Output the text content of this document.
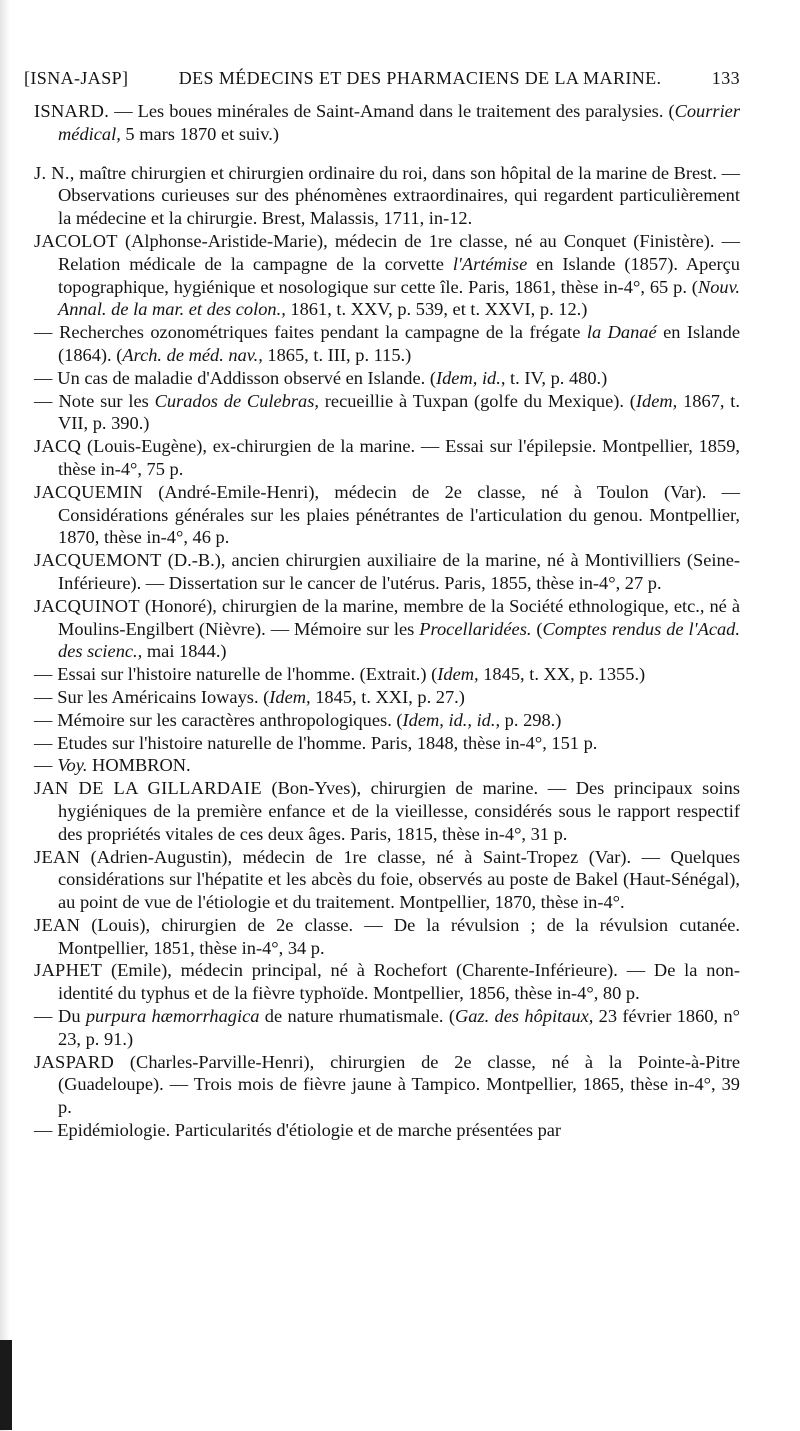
[ISNA-JASP]	DES MÉDECINS ET DES PHARMACIENS DE LA MARINE.	133

ISNARD. — Les boues minérales de Saint-Amand dans le traitement des paralysies. (Courrier médical, 5 mars 1870 et suiv.)

J. N., maître chirurgien et chirurgien ordinaire du roi, dans son hôpital de la marine de Brest. — Observations curieuses sur des phénomènes extraordinaires, qui regardent particulièrement la médecine et la chirurgie. Brest, Malassis, 1711, in-12.

JACOLOT (Alphonse-Aristide-Marie), médecin de 1re classe, né au Conquet (Finistère). — Relation médicale de la campagne de la corvette l'Artémise en Islande (1857). Aperçu topographique, hygiénique et nosologique sur cette île. Paris, 1861, thèse in-4°, 65 p. (Nouv. Annal. de la mar. et des colon., 1861, t. XXV, p. 539, et t. XXVI, p. 12.)

— Recherches ozonométriques faites pendant la campagne de la frégate la Danaé en Islande (1864). (Arch. de méd. nav., 1865, t. III, p. 115.)

— Un cas de maladie d'Addisson observé en Islande. (Idem, id., t. IV, p. 480.)

— Note sur les Curados de Culebras, recueillie à Tuxpan (golfe du Mexique). (Idem, 1867, t. VII, p. 390.)

JACQ (Louis-Eugène), ex-chirurgien de la marine. — Essai sur l'épilepsie. Montpellier, 1859, thèse in-4°, 75 p.

JACQUEMIN (André-Emile-Henri), médecin de 2e classe, né à Toulon (Var). — Considérations générales sur les plaies pénétrantes de l'articulation du genou. Montpellier, 1870, thèse in-4°, 46 p.

JACQUEMONT (D.-B.), ancien chirurgien auxiliaire de la marine, né à Montivilliers (Seine-Inférieure). — Dissertation sur le cancer de l'utérus. Paris, 1855, thèse in-4°, 27 p.

JACQUINOT (Honoré), chirurgien de la marine, membre de la Société ethnologique, etc., né à Moulins-Engilbert (Nièvre). — Mémoire sur les Procellaridées. (Comptes rendus de l'Acad. des scienc., mai 1844.)

— Essai sur l'histoire naturelle de l'homme. (Extrait.) (Idem, 1845, t. XX, p. 1355.)

— Sur les Américains Ioways. (Idem, 1845, t. XXI, p. 27.)

— Mémoire sur les caractères anthropologiques. (Idem, id., id., p. 298.)

— Etudes sur l'histoire naturelle de l'homme. Paris, 1848, thèse in-4°, 151 p.

— Voy. HOMBRON.

JAN DE LA GILLARDAIE (Bon-Yves), chirurgien de marine. — Des principaux soins hygiéniques de la première enfance et de la vieillesse, considérés sous le rapport respectif des propriétés vitales de ces deux âges. Paris, 1815, thèse in-4°, 31 p.

JEAN (Adrien-Augustin), médecin de 1re classe, né à Saint-Tropez (Var). — Quelques considérations sur l'hépatite et les abcès du foie, observés au poste de Bakel (Haut-Sénégal), au point de vue de l'étiologie et du traitement. Montpellier, 1870, thèse in-4°.

JEAN (Louis), chirurgien de 2e classe. — De la révulsion ; de la révulsion cutanée. Montpellier, 1851, thèse in-4°, 34 p.

JAPHET (Emile), médecin principal, né à Rochefort (Charente-Inférieure). — De la non-identité du typhus et de la fièvre typhoïde. Montpellier, 1856, thèse in-4°, 80 p.

— Du purpura hæmorrhagica de nature rhumatismale. (Gaz. des hôpitaux, 23 février 1860, n° 23, p. 91.)

JASPARD (Charles-Parville-Henri), chirurgien de 2e classe, né à la Pointe-à-Pitre (Guadeloupe). — Trois mois de fièvre jaune à Tampico. Montpellier, 1865, thèse in-4°, 39 p.

— Epidémiologie. Particularités d'étiologie et de marche présentées par
